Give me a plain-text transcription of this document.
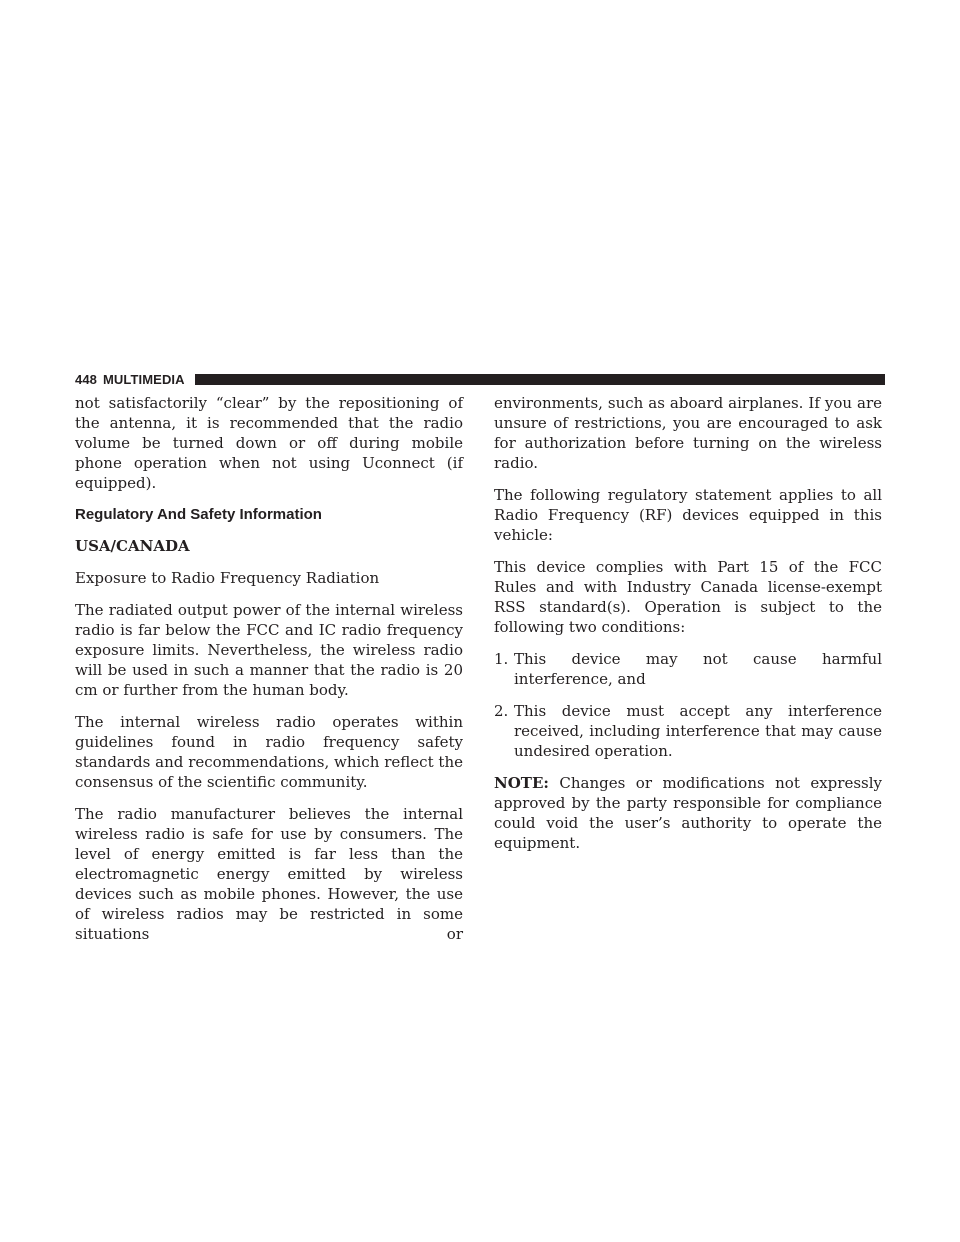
448 MULTIMEDIA

not satisfactorily “clear” by the repositioning of the antenna, it is recommended that the radio volume be turned down or off during mobile phone operation when not using Uconnect (if equipped).

Regulatory And Safety Information
USA/CANADA

Exposure to Radio Frequency Radiation

The radiated output power of the internal wireless radio is far below the FCC and IC radio frequency exposure limits. Nevertheless, the wireless radio will be used in such a manner that the radio is 20 cm or further from the human body.

The internal wireless radio operates within guidelines found in radio frequency safety standards and recommendations, which reflect the consensus of the scientific community.

The radio manufacturer believes the internal wireless radio is safe for use by consumers. The level of energy emitted is far less than the electromagnetic energy emitted by wireless devices such as mobile phones. However, the use of wireless radios may be restricted in some situations or

environments, such as aboard airplanes. If you are unsure of restrictions, you are encouraged to ask for authorization before turning on the wireless radio.

The following regulatory statement applies to all Radio Frequency (RF) devices equipped in this vehicle:

This device complies with Part 15 of the FCC Rules and with Industry Canada license-exempt RSS standard(s). Operation is subject to the following two conditions:

1. This device may not cause harmful interference, and
2. This device must accept any interference received, including interference that may cause undesired operation.

NOTE: Changes or modifications not expressly approved by the party responsible for compliance could void the user’s authority to operate the equipment.
